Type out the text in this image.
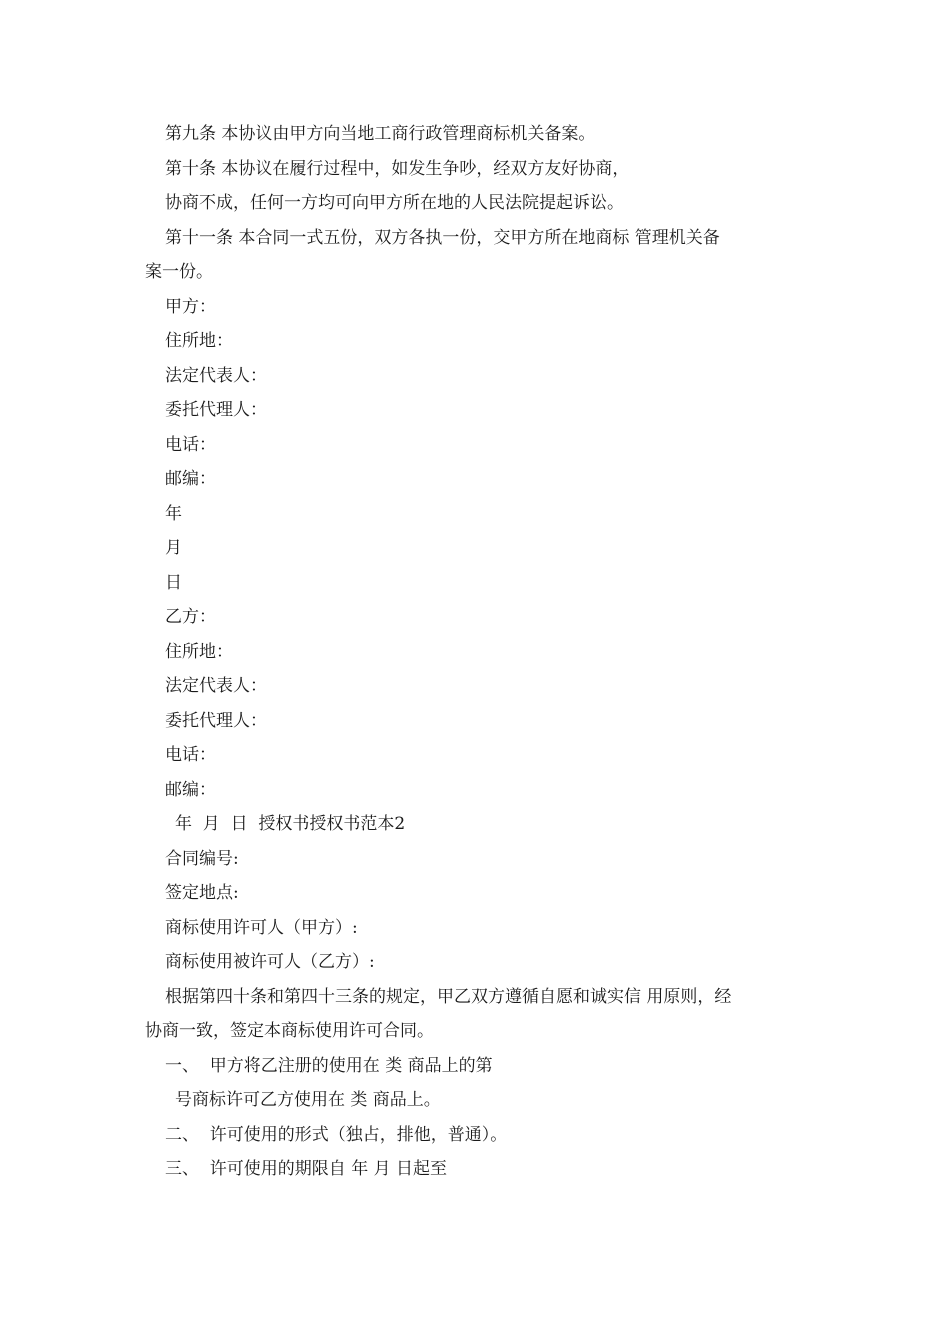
第九条 本协议由甲方向当地工商行政管理商标机关备案。
第十条 本协议在履行过程中，如发生争吵，经双方友好协商，
协商不成，任何一方均可向甲方所在地的人民法院提起诉讼。
第十一条 本合同一式五份，双方各执一份，交甲方所在地商标 管理机关备
案一份。
甲方：
住所地：
法定代表人：
委托代理人：
电话：
邮编：
年
月
日
乙方：
住所地：
法定代表人：
委托代理人：
电话：
邮编：
年  月  日  授权书授权书范本2
合同编号:
签定地点:
商标使用许可人（甲方）:
商标使用被许可人（乙方）:
根据第四十条和第四十三条的规定，甲乙双方遵循自愿和诚实信 用原则，经
协商一致，签定本商标使用许可合同。
一、  甲方将乙注册的使用在 类 商品上的第
号商标许可乙方使用在 类 商品上。
二、  许可使用的形式（独占，排他，普通）。
三、  许可使用的期限自 年 月 日起至
